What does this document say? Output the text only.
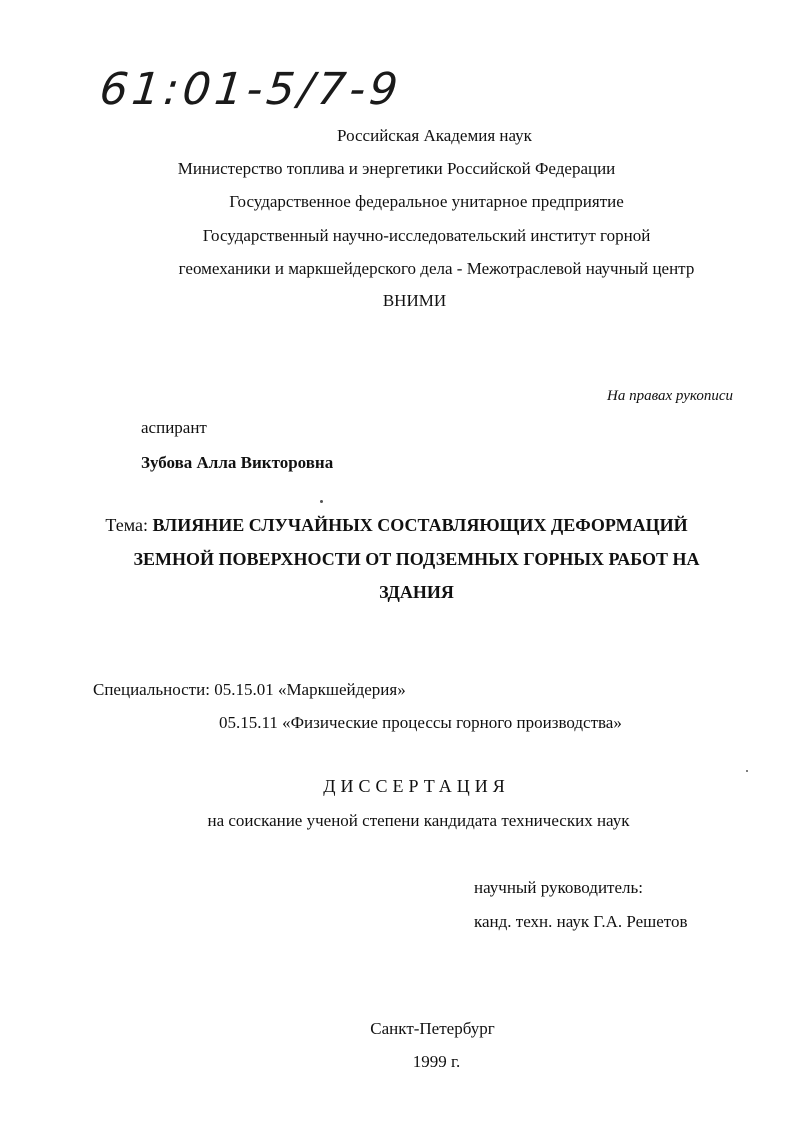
61:01-5/7-9
Российская Академия наук
Министерство топлива и энергетики Российской Федерации
Государственное федеральное унитарное предприятие
Государственный научно-исследовательский институт горной
геомеханики и маркшейдерского дела - Межотраслевой научный центр
ВНИМИ
На правах рукописи
аспирант
Зубова Алла Викторовна
Тема: ВЛИЯНИЕ СЛУЧАЙНЫХ СОСТАВЛЯЮЩИХ ДЕФОРМАЦИЙ
ЗЕМНОЙ ПОВЕРХНОСТИ ОТ ПОДЗЕМНЫХ ГОРНЫХ РАБОТ НА
ЗДАНИЯ
Специальности: 05.15.01 «Маркшейдерия»
05.15.11 «Физические процессы горного производства»
ДИССЕРТАЦИЯ
на соискание ученой степени кандидата технических наук
научный руководитель:
канд. техн. наук Г.А. Решетов
Санкт-Петербург
1999 г.
